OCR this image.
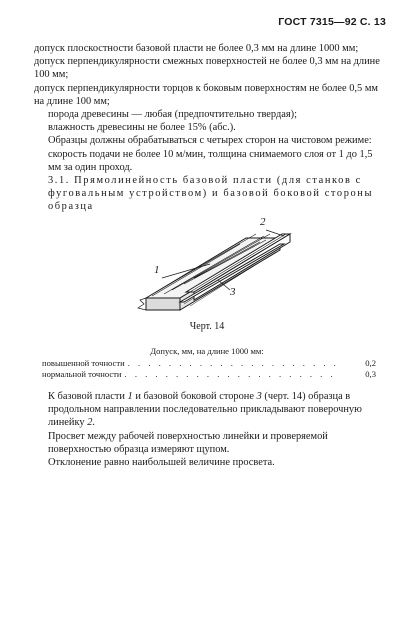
ГОСТ 7315—92 С. 13

допуск плоскостности базовой пласти не более 0,3 мм на длине 1000 мм;

допуск перпендикулярности смежных поверхностей не более 0,3 мм на длине 100 мм;

допуск перпендикулярности торцов к боковым поверхностям не более 0,5 мм на длине 100 мм;

порода древесины — любая (предпочтительно твердая);

влажность древесины не более 15% (абс.).

Образцы должны обрабатываться с четырех сторон на чистовом режиме: скорость подачи не более 10 м/мин, толщина снимаемого слоя от 1 до 1,5 мм за один проход.

3.1. Прямолинейность базовой пласти (для станков с фуговальным устройством) и базовой боковой стороны образца

1
2
3
Черт. 14
Допуск, мм, на длине 1000 мм:
повышенной точности . . . . . . . . . . . . . . . . . . . . .	0,2
нормальной точности . . . . . . . . . . . . . . . . . . . . .	0,3

К базовой пласти 1 и базовой боковой стороне 3 (черт. 14) образца в продольном направлении последовательно прикладывают поверочную линейку 2.

Просвет между рабочей поверхностью линейки и проверяемой поверхностью образца измеряют щупом.

Отклонение равно наибольшей величине просвета.
